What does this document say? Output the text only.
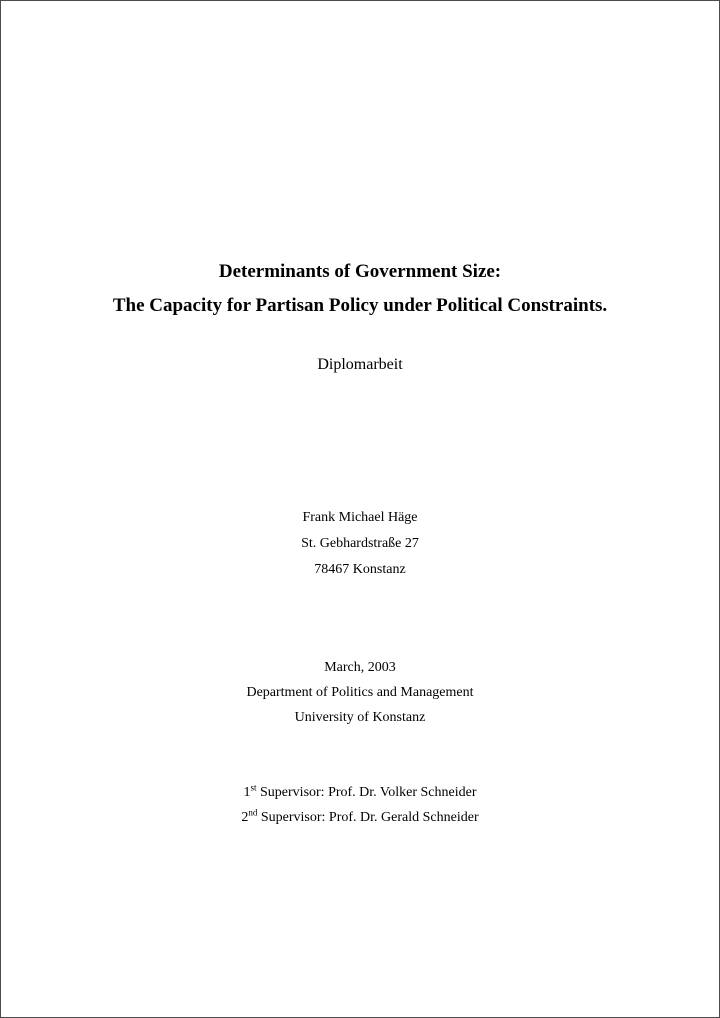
Determinants of Government Size:
The Capacity for Partisan Policy under Political Constraints.
Diplomarbeit
Frank Michael Häge
St. Gebhardstraße 27
78467 Konstanz
March, 2003
Department of Politics and Management
University of Konstanz
1st Supervisor: Prof. Dr. Volker Schneider
2nd Supervisor: Prof. Dr. Gerald Schneider
